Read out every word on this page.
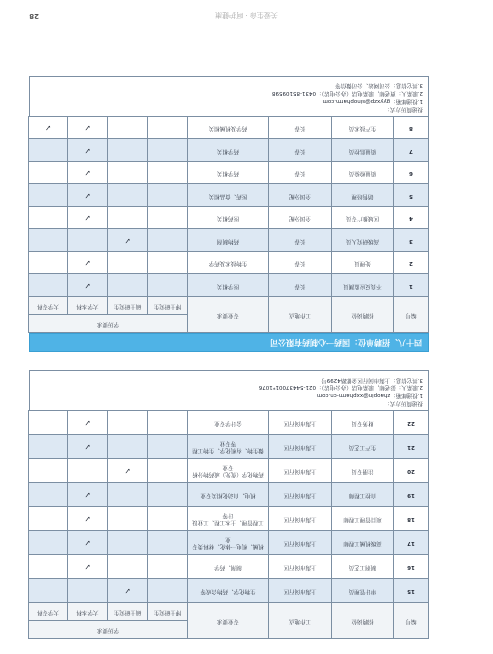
编号	招聘岗位	工作地点	专业要求	学历要求			
				博士研究生	硕士研究生	大学本科	大学专科
15	审计管理员	上海市闵行区	生物化学、药物合成等		✓		
16	制剂工艺员	上海市闵行区	制剂、药学			✓	
17	高级机械工程师	上海市闵行区	机械、机电一体化、材料类专业			✓	
18	项目管理工程师	上海市闵行区	工程管理、土木工程、工业设计等			✓	
19	自控工程师	上海市闵行区	机电、自动化相关专业			✓	
20	注册专员	上海市闵行区	药物化学（优先）或药物分析专业		✓		
21	生产工艺员	上海市闵行区	微生物、有机化学、生物工程等专业			✓	
22	财务专员	上海市闵行区	会计学专业			✓	
投递简历方式：
1.投递邮箱：zhaopin@xxpharm-cn.com
2.联系人：彭老师，联系电话（办公电话）：021-54437001*1076
3.其它信息：上海市闵行区金都路4299号
四十八、招聘单位：国药一心制药有限公司
编号	招聘岗位	工作地点	专业要求	学历要求			
				博士研究生	硕士研究生	大学本科	大学专科
1	不良反应监测员	长春	医学相关			✓	
2	处理员	长春	生物技术及药学			✓	
3	高级研究人员	长春	药物制剂		✓		
4	区域推广专员	全国分配	医药相关			✓	
5	销售经理	全国分配	医药、食品相关			✓	
6	质量检验员	长春	药学相关			✓	
7	质量监控员	长春	药学相关			✓	
8	生产技术员	长春	药学及机械相关			✓	✓
投递简历方式：
1.投递邮箱：gyyxzp@sinopharm.com
2.联系人：贾老师，联系电话（办公电话）：0431-85109598
3.其它信息：公司网站、公司微信等
关爱生命 · 呵护健康
28
